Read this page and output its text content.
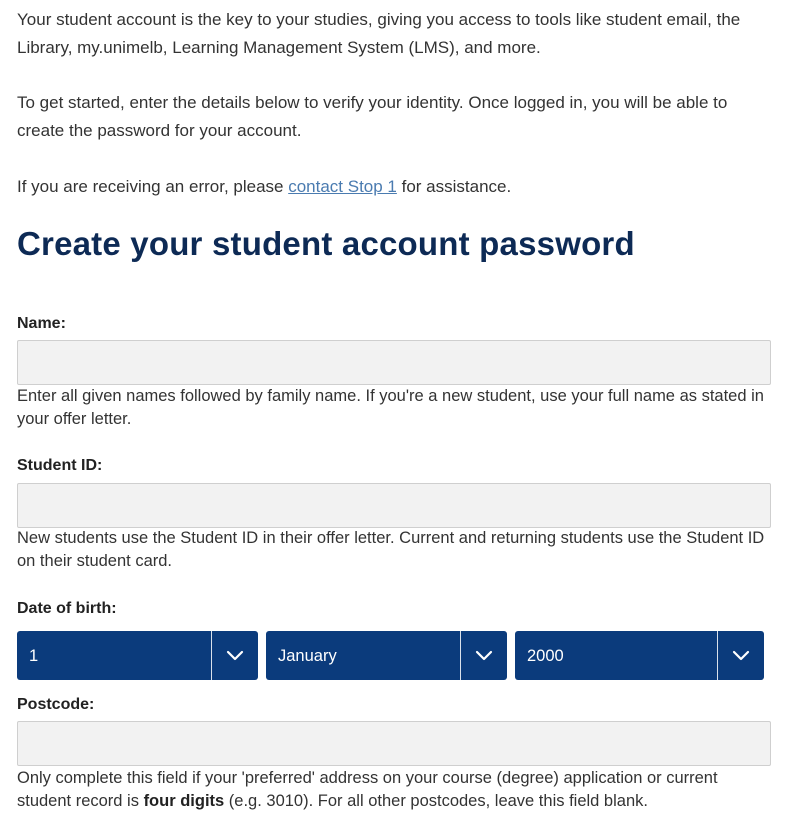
Your student account is the key to your studies, giving you access to tools like student email, the Library, my.unimelb, Learning Management System (LMS), and more.

To get started, enter the details below to verify your identity. Once logged in, you will be able to create the password for your account.

If you are receiving an error, please contact Stop 1 for assistance.

Create your student account password
Name:

Enter all given names followed by family name. If you're a new student, use your full name as stated in your offer letter.

Student ID:

New students use the Student ID in their offer letter. Current and returning students use the Student ID on their student card.

Date of birth:
1	January	2000
Postcode:

Only complete this field if your 'preferred' address on your course (degree) application or current student record is four digits (e.g. 3010). For all other postcodes, leave this field blank.
